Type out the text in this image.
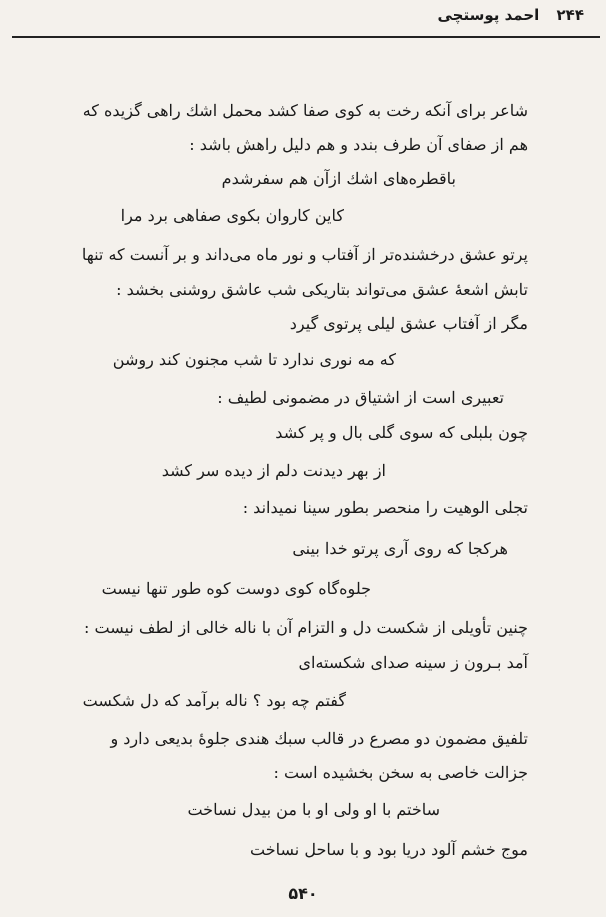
۲۴۴ احمد پوستچی
شاعر برای آنکه رخت به کوی صفا کشد محمل اشك راهی گزیده که
هم از صفای آن طرف بندد و هم دلیل راهش باشد :
باقطره‌های اشك ازآن هم سفرشدم
کاین کاروان بکوی صفاهی برد مرا
پرتو عشق درخشنده‌تر از آفتاب و نور ماه می‌داند و بر آنست که تنها
تابش اشعهٔ عشق می‌تواند بتاریکی شب عاشق روشنی بخشد :
مگر از آفتاب عشق لیلی پرتوی گیرد
که مه نوری ندارد تا شب مجنون کند روشن
تعبیری است از اشتیاق در مضمونی لطیف :
چون بلبلی که سوی گلی بال و پر کشد
از بهر دیدنت دلم از دیده سر کشد
تجلی الوهیت را منحصر بطور سینا نمیداند :
هرکجا که روی آری پرتو خدا بینی
جلوه‌گاه کوی دوست کوه طور تنها نیست
چنین تأویلی از شکست دل و التزام آن با ناله خالی از لطف نیست :
آمد بـرون ز سینه صدای شکسته‌ای
گفتم چه بود ؟ ناله برآمد که دل شکست
تلفیق مضمون دو مصرع در قالب سبك هندی جلوهٔ بدیعی دارد و
جزالت خاصی به سخن بخشیده است :
ساختم با او ولی او با من بیدل نساخت
موج خشم آلود دریا بود و با ساحل نساخت
۵۴۰
